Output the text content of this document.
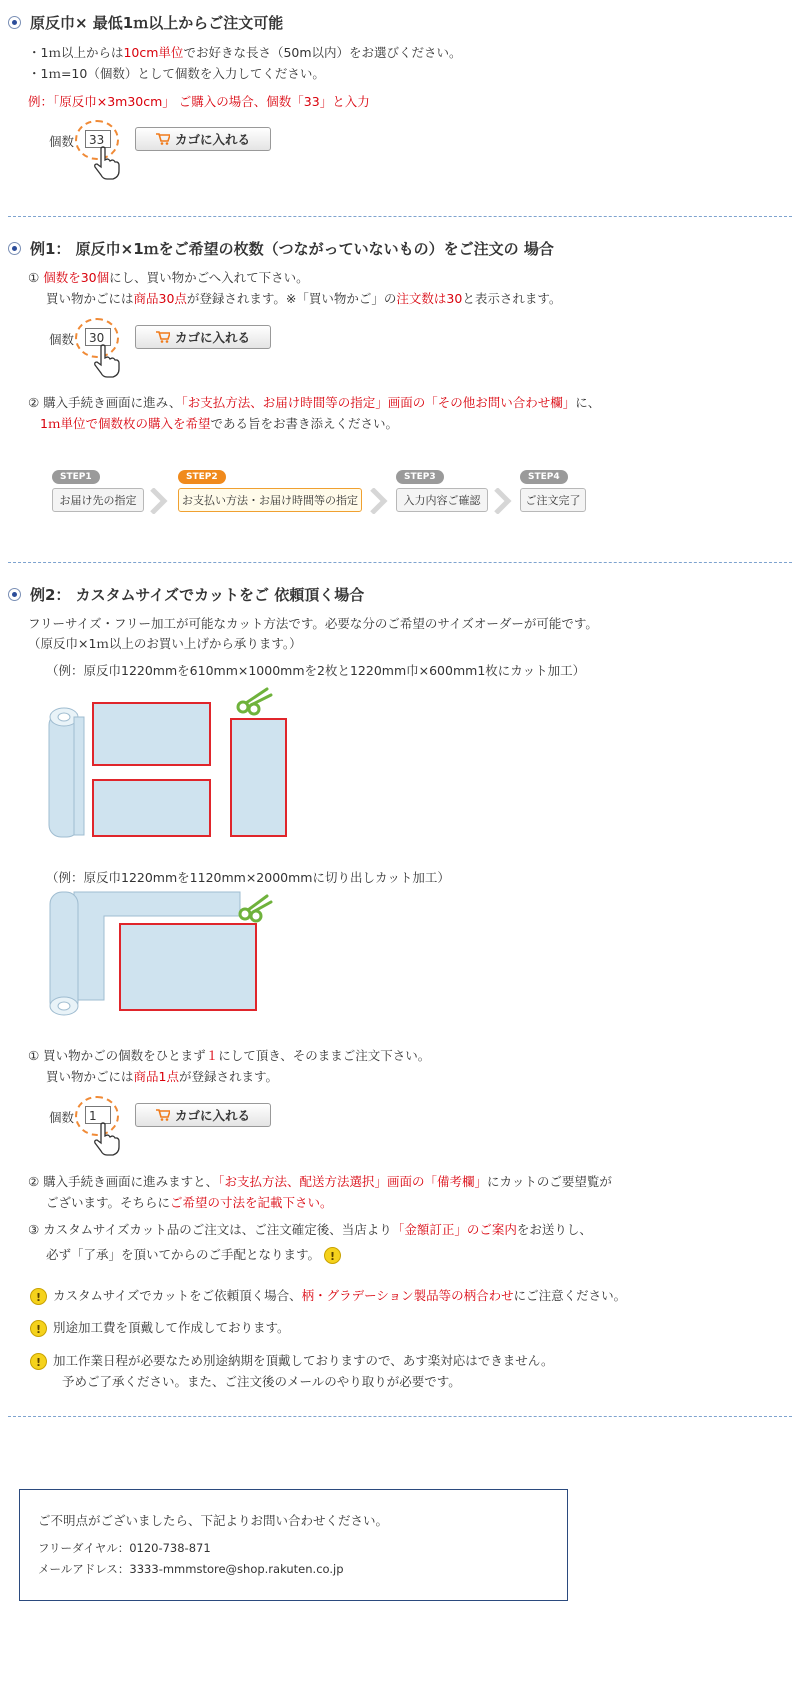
原反巾× 最低1ｍ以上からご注文可能
・1ｍ以上からは10cm単位でお好きな長さ（50m以内）をお選びください。
・1ｍ=10（個数）として個数を入力してください。
例：「原反巾×3m30cm」 ご購入の場合、個数「33」と入力
個数	33	カゴに入れる
例1： 原反巾×1ｍをご希望の枚数（つながっていないもの）をご注文の 場合
① 個数を30個にし、買い物かごへ入れて下さい。
買い物かごには商品30点が登録されます。※「買い物かご」の注文数は30と表示されます。
個数	30	カゴに入れる
② 購入手続き画面に進み、「お支払方法、お届け時間等の指定」画面の「その他お問い合わせ欄」に、
1ｍ単位で個数枚の購入を希望である旨をお書き添えください。
STEP1
お届け先の指定
STEP2
お支払い方法・お届け時間等の指定
STEP3
入力内容ご確認
STEP4
ご注文完了
例2： カスタムサイズでカットをご 依頼頂く場合
フリーサイズ・フリー加工が可能なカット方法です。必要な分のご希望のサイズオーダーが可能です。
（原反巾×1ｍ以上のお買い上げから承ります。）
（例：原反巾1220mmを610mm×1000mmを2枚と1220mm巾×600mm1枚にカット加工）
（例：原反巾1220mmを1120mm×2000mmに切り出しカット加工）
① 買い物かごの個数をひとまず１にして頂き、そのままご注文下さい。
買い物かごには商品1点が登録されます。
個数	1	カゴに入れる
② 購入手続き画面に進みますと、「お支払方法、配送方法選択」画面の「備考欄」にカットのご要望覧が
ございます。そちらにご希望の寸法を記載下さい。
③ カスタムサイズカット品のご注文は、ご注文確定後、当店より「金額訂正」のご案内をお送りし、
必ず「了承」を頂いてからのご手配となります。 !
! カスタムサイズでカットをご依頼頂く場合、 柄・グラデーション製品等の柄合わせ にご注意ください。
! 別途加工費を頂戴して作成しております。
! 加工作業日程が必要なため別途納期を頂戴しておりますので、あす楽対応はできません。
予めご了承ください。また、ご注文後のメールのやり取りが必要です。
ご不明点がございましたら、下記よりお問い合わせください。
フリーダイヤル：0120-738-871
メールアドレス：3333-mmmstore@shop.rakuten.co.jp
